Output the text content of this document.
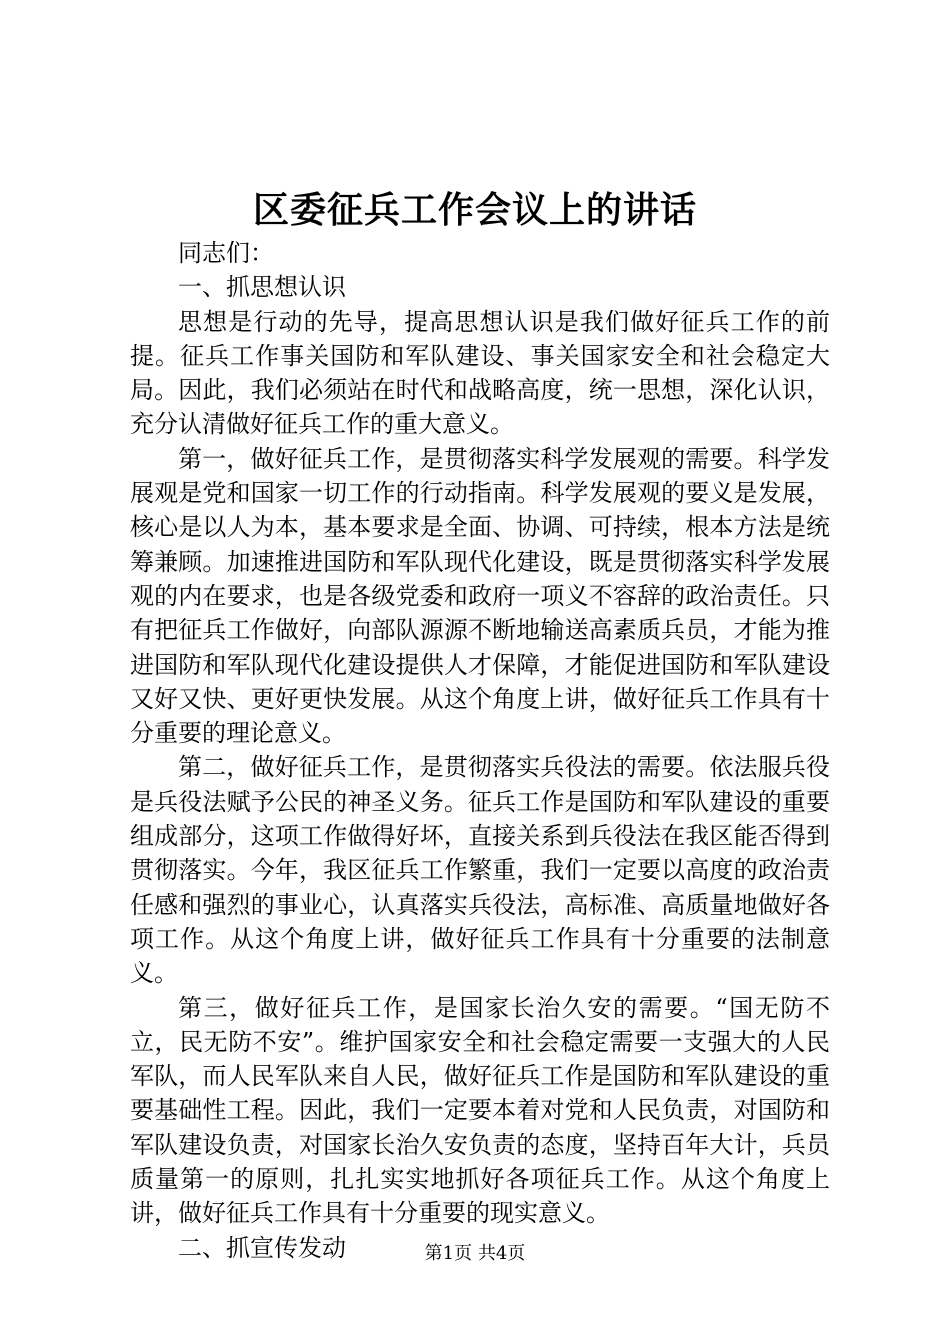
区委征兵工作会议上的讲话

同志们：

一、抓思想认识

思想是行动的先导，提高思想认识是我们做好征兵工作的前提。征兵工作事关国防和军队建设、事关国家安全和社会稳定大局。因此，我们必须站在时代和战略高度，统一思想，深化认识，充分认清做好征兵工作的重大意义。

第一，做好征兵工作，是贯彻落实科学发展观的需要。科学发展观是党和国家一切工作的行动指南。科学发展观的要义是发展，核心是以人为本，基本要求是全面、协调、可持续，根本方法是统筹兼顾。加速推进国防和军队现代化建设，既是贯彻落实科学发展观的内在要求，也是各级党委和政府一项义不容辞的政治责任。只有把征兵工作做好，向部队源源不断地输送高素质兵员，才能为推进国防和军队现代化建设提供人才保障，才能促进国防和军队建设又好又快、更好更快发展。从这个角度上讲，做好征兵工作具有十分重要的理论意义。

第二，做好征兵工作，是贯彻落实兵役法的需要。依法服兵役是兵役法赋予公民的神圣义务。征兵工作是国防和军队建设的重要组成部分，这项工作做得好坏，直接关系到兵役法在我区能否得到贯彻落实。今年，我区征兵工作繁重，我们一定要以高度的政治责任感和强烈的事业心，认真落实兵役法，高标准、高质量地做好各项工作。从这个角度上讲，做好征兵工作具有十分重要的法制意义。

第三，做好征兵工作，是国家长治久安的需要。“国无防不立，民无防不安”。维护国家安全和社会稳定需要一支强大的人民军队，而人民军队来自人民，做好征兵工作是国防和军队建设的重要基础性工程。因此，我们一定要本着对党和人民负责，对国防和军队建设负责，对国家长治久安负责的态度，坚持百年大计，兵员质量第一的原则，扎扎实实地抓好各项征兵工作。从这个角度上讲，做好征兵工作具有十分重要的现实意义。

二、抓宣传发动	第1页 共4页
